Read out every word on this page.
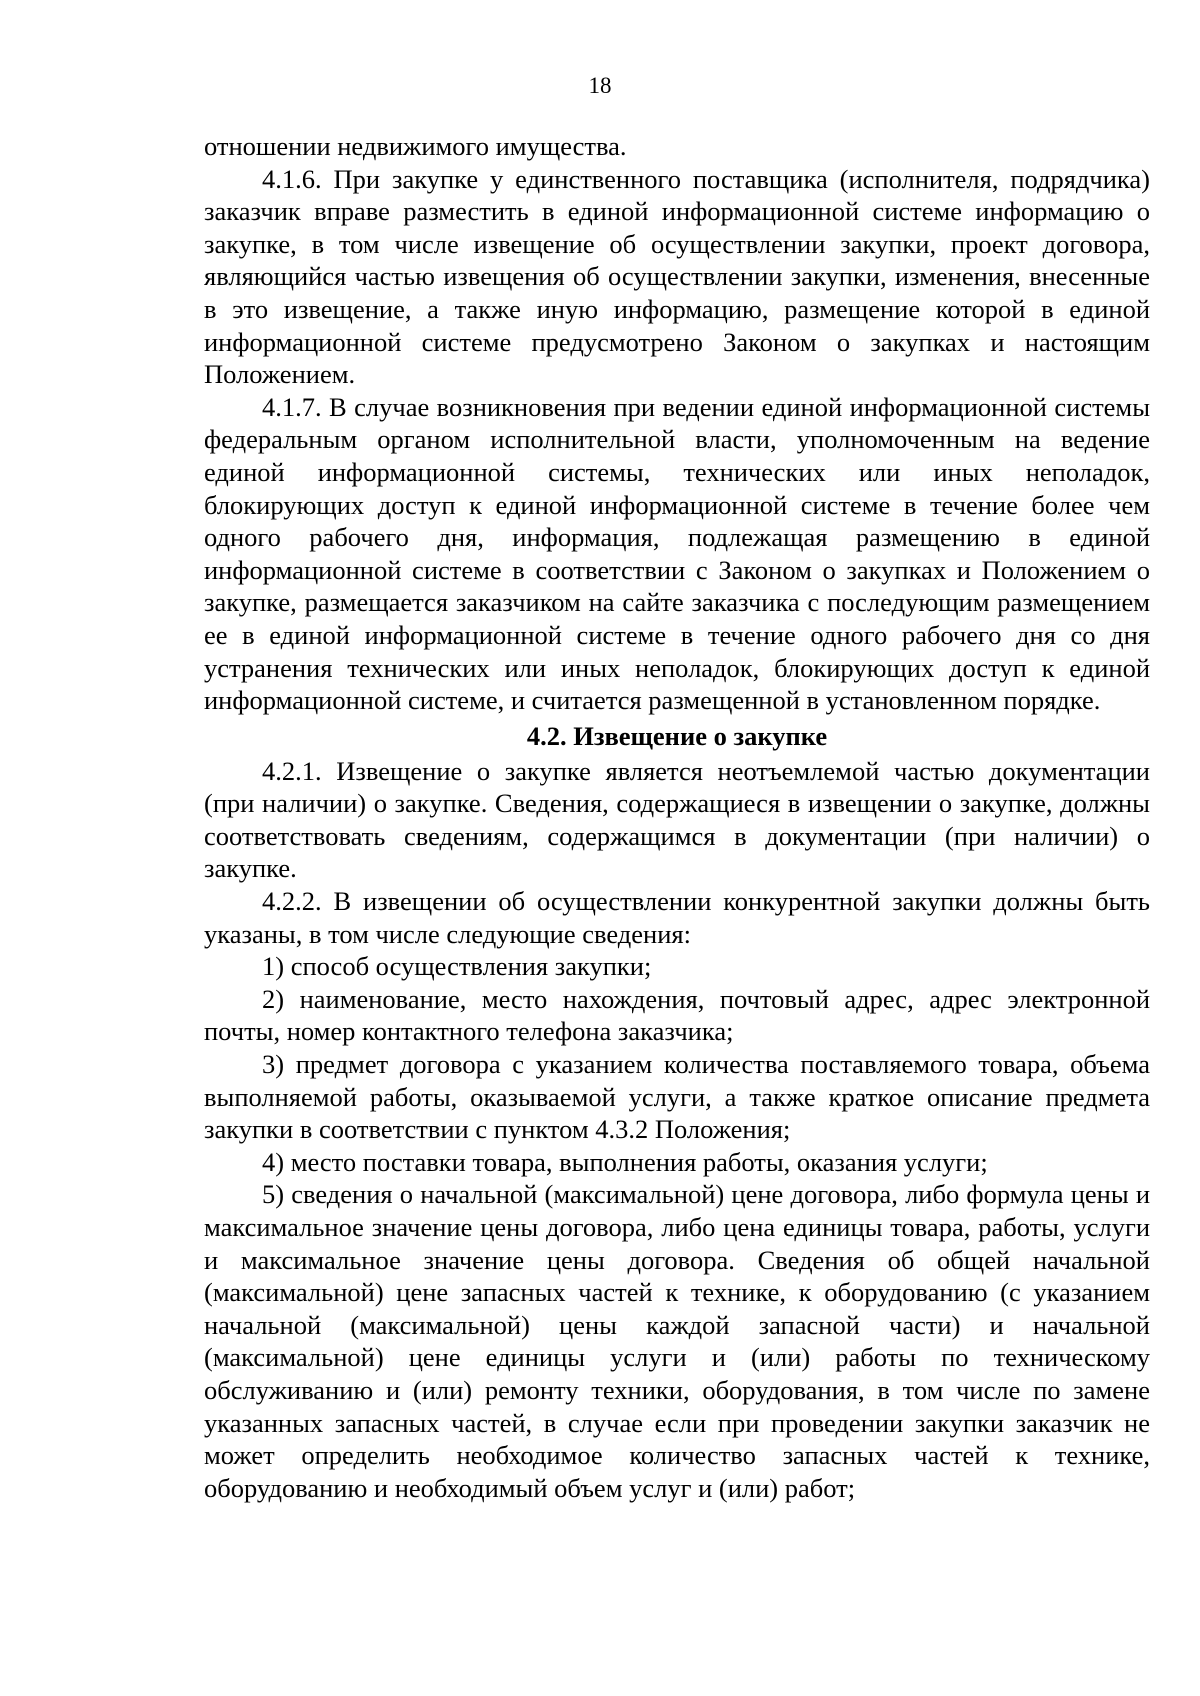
18

отношении недвижимого имущества.

4.1.6. При закупке у единственного поставщика (исполнителя, подрядчика) заказчик вправе разместить в единой информационной системе информацию о закупке, в том числе извещение об осуществлении закупки, проект договора, являющийся частью извещения об осуществлении закупки, изменения, внесенные в это извещение, а также иную информацию, размещение которой в единой информационной системе предусмотрено Законом о закупках и настоящим Положением.

4.1.7. В случае возникновения при ведении единой информационной системы федеральным органом исполнительной власти, уполномоченным на ведение единой информационной системы, технических или иных неполадок, блокирующих доступ к единой информационной системе в течение более чем одного рабочего дня, информация, подлежащая размещению в единой информационной системе в соответствии с Законом о закупках и Положением о закупке, размещается заказчиком на сайте заказчика с последующим размещением ее в единой информационной системе в течение одного рабочего дня со дня устранения технических или иных неполадок, блокирующих доступ к единой информационной системе, и считается размещенной в установленном порядке.

4.2. Извещение о закупке

4.2.1. Извещение о закупке является неотъемлемой частью документации (при наличии) о закупке. Сведения, содержащиеся в извещении о закупке, должны соответствовать сведениям, содержащимся в документации (при наличии) о закупке.

4.2.2. В извещении об осуществлении конкурентной закупки должны быть указаны, в том числе следующие сведения:

1) способ осуществления закупки;

2) наименование, место нахождения, почтовый адрес, адрес электронной почты, номер контактного телефона заказчика;

3) предмет договора с указанием количества поставляемого товара, объема выполняемой работы, оказываемой услуги, а также краткое описание предмета закупки в соответствии с пунктом 4.3.2 Положения;

4) место поставки товара, выполнения работы, оказания услуги;

5) сведения о начальной (максимальной) цене договора, либо формула цены и максимальное значение цены договора, либо цена единицы товара, работы, услуги и максимальное значение цены договора. Сведения об общей начальной (максимальной) цене запасных частей к технике, к оборудованию (с указанием начальной (максимальной) цены каждой запасной части) и начальной (максимальной) цене единицы услуги и (или) работы по техническому обслуживанию и (или) ремонту техники, оборудования, в том числе по замене указанных запасных частей, в случае если при проведении закупки заказчик не может определить необходимое количество запасных частей к технике, оборудованию и необходимый объем услуг и (или) работ;
